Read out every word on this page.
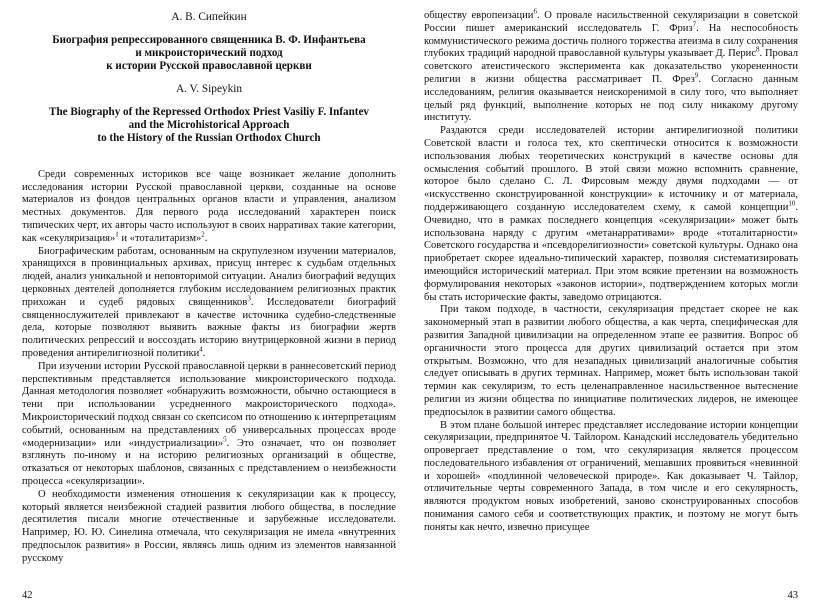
А. В. Сипейкин

Биография репрессированного священника В. Ф. Инфантьева
и микроисторический подход
к истории Русской православной церкви

A. V. Sipeykin

The Biography of the Repressed Orthodox Priest Vasiliy F. Infantev
and the Microhistorical Approach
to the History of the Russian Orthodox Church

Среди современных историков все чаще возникает желание дополнить исследования истории Русской православной церкви, созданные на основе материалов из фондов центральных органов власти и управления, анализом местных документов. Для первого рода исследований характерен поиск типических черт, их авторы часто используют в своих нарративах такие категории, как «секуляризация»$^1$ и «тоталитаризм»$^2$.

Биографическим работам, основанным на скрупулезном изучении материалов, хранящихся в провинциальных архивах, присущ интерес к судьбам отдельных людей, анализ уникальной и неповторимой ситуации. Анализ биографий ведущих церковных деятелей дополняется глубоким исследованием религиозных практик прихожан и судеб рядовых священников$^3$. Исследователи биографий священнослужителей привлекают в качестве источника судебно-следственные дела, которые позволяют выявить важные факты из биографии жертв политических репрессий и воссоздать историю внутрицерковной жизни в период проведения антирелигиозной политики$^4$.

При изучении истории Русской православной церкви в раннесоветский период перспективным представляется использование микроисторического подхода. Данная методология позволяет «обнаружить возможности, обычно остающиеся в тени при использовании усредненного макроисторического подхода». Микроисторический подход связан со скепсисом по отношению к интерпретациям событий, основанным на представлениях об универсальных процессах вроде «модернизации» или «индустриализации»$^5$. Это означает, что он позволяет взглянуть по-иному и на историю религиозных организаций в обществе, отказаться от некоторых шаблонов, связанных с представлением о неизбежности процесса «секуляризации».

О необходимости изменения отношения к секуляризации как к процессу, который является неизбежной стадией развития любого общества, в последние десятилетия писали многие отечественные и зарубежные исследователи. Например, Ю. Ю. Синелина отмечала, что секуляризация не имела «внутренних предпосылок развития» в России, являясь лишь одним из элементов навязанной русскому

42

обществу европеизации$^6$. О провале насильственной секуляризации в советской России пишет американский исследователь Г. Фриз$^7$. На неспособность коммунистического режима достичь полного торжества атеизма в силу сохранения глубоких традиций народной православной культуры указывает Д. Перис$^8$. Провал советского атеистического эксперимента как доказательство укорененности религии в жизни общества рассматривает П. Фрез$^9$. Согласно данным исследованиям, религия оказывается неискоренимой в силу того, что выполняет целый ряд функций, выполнение которых не под силу никакому другому институту.

Раздаются среди исследователей истории антирелигиозной политики Советской власти и голоса тех, кто скептически относится к возможности использования любых теоретических конструкций в качестве основы для осмысления событий прошлого. В этой связи можно вспомнить сравнение, которое было сделано С. Л. Фирсовым между двумя подходами — от «искусственно сконструированной конструкции» к источнику и от материала, поддерживающего созданную исследователем схему, к самой концепции$^{10}$. Очевидно, что в рамках последнего концепция «секуляризации» может быть использована наряду с другим «метанарративами» вроде «тоталитарности» Советского государства и «псевдорелигиозности» советской культуры. Однако она приобретает скорее идеально-типический характер, позволяя систематизировать имеющийся исторический материал. При этом всякие претензии на возможность формулирования некоторых «законов истории», подтверждением которых могли бы стать исторические факты, заведомо отрицаются.

При таком подходе, в частности, секуляризация предстает скорее не как закономерный этап в развитии любого общества, а как черта, специфическая для развития Западной цивилизации на определенном этапе ее развития. Вопрос об органичности этого процесса для других цивилизаций остается при этом открытым. Возможно, что для незападных цивилизаций аналогичные события следует описывать в других терминах. Например, может быть использован такой термин как секуляризм, то есть целенаправленное насильственное вытеснение религии из жизни общества по инициативе политических лидеров, не имеющее предпосылок в развитии самого общества.

В этом плане большой интерес представляет исследование истории концепции секуляризации, предпринятое Ч. Тайлором. Канадский исследователь убедительно опровергает представление о том, что секуляризация является процессом последовательного избавления от ограничений, мешавших проявиться «невинной и хорошей» «подлинной человеческой природе». Как доказывает Ч. Тайлор, отличительные черты современного Запада, в том числе и его секулярность, являются продуктом новых изобретений, заново сконструированных способов понимания самого себя и соответствующих практик, и поэтому не могут быть поняты как нечто, извечно присущее

43
